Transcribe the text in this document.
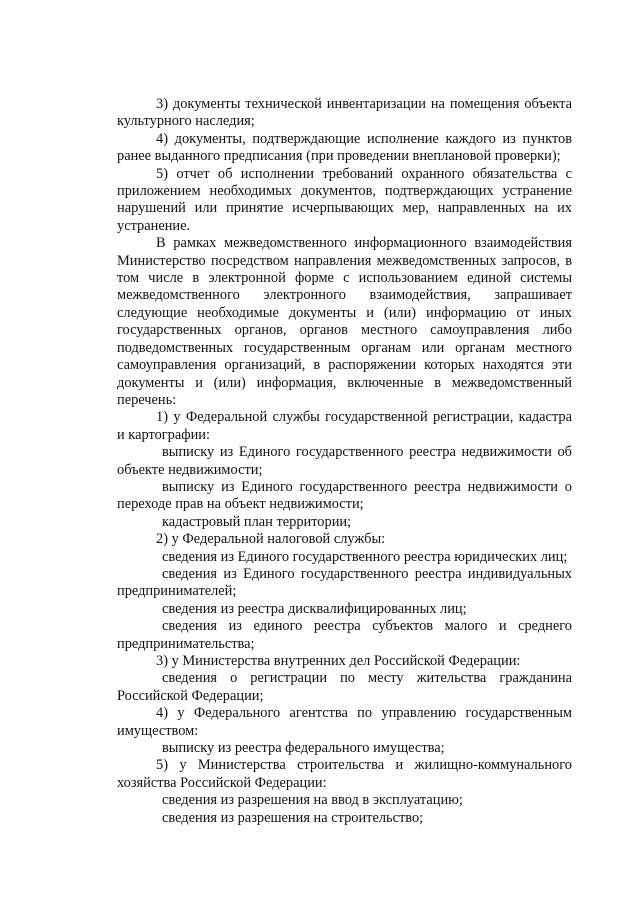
3) документы технической инвентаризации на помещения объекта культурного наследия;

4) документы, подтверждающие исполнение каждого из пунктов ранее выданного предписания (при проведении внеплановой проверки);

5) отчет об исполнении требований охранного обязательства с приложением необходимых документов, подтверждающих устранение нарушений или принятие исчерпывающих мер, направленных на их устранение.

В рамках межведомственного информационного взаимодействия Министерство посредством направления межведомственных запросов, в том числе в электронной форме с использованием единой системы межведомственного электронного взаимодействия, запрашивает следующие необходимые документы и (или) информацию от иных государственных органов, органов местного самоуправления либо подведомственных государственным органам или органам местного самоуправления организаций, в распоряжении которых находятся эти документы и (или) информация, включенные в межведомственный перечень:

1) у Федеральной службы государственной регистрации, кадастра и картографии:

выписку из Единого государственного реестра недвижимости об объекте недвижимости;

выписку из Единого государственного реестра недвижимости о переходе прав на объект недвижимости;

кадастровый план территории;

2) у Федеральной налоговой службы:

сведения из Единого государственного реестра юридических лиц;

сведения из Единого государственного реестра индивидуальных предпринимателей;

сведения из реестра дисквалифицированных лиц;

сведения из единого реестра субъектов малого и среднего предпринимательства;

3) у Министерства внутренних дел Российской Федерации:

сведения о регистрации по месту жительства гражданина Российской Федерации;

4) у Федерального агентства по управлению государственным имуществом:

выписку из реестра федерального имущества;

5) у Министерства строительства и жилищно-коммунального хозяйства Российской Федерации:

сведения из разрешения на ввод в эксплуатацию;

сведения из разрешения на строительство;
